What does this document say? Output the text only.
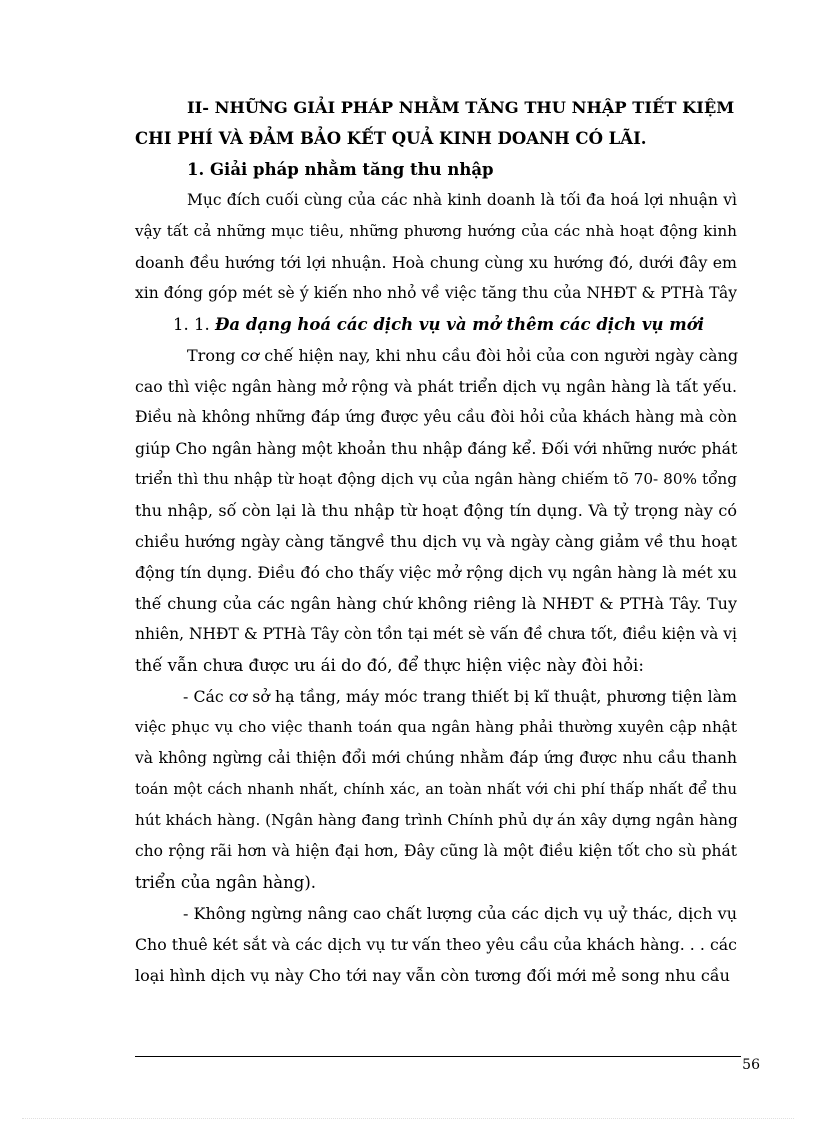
II- NHỮNG GIẢI PHÁP NHẰM TĂNG THU NHẬP TIẾT KIỆM
CHI PHÍ VÀ ĐẢM BẢO KẾT QUẢ KINH DOANH CÓ LÃI.
1. Giải pháp nhằm tăng thu nhập
Mục đích cuối cùng của các nhà kinh doanh là tối đa hoá lợi nhuận vì
vậy tất cả những mục tiêu, những phương hướng của các nhà hoạt động kinh
doanh đều hướng tới lợi nhuận. Hoà chung cùng xu hướng đó, dưới đây em
xin đóng góp mét sè ý kiến nho nhỏ về việc tăng thu của NHĐT & PTHà Tây
1. 1. Đa dạng hoá các dịch vụ và mở thêm các dịch vụ mới
Trong cơ chế hiện nay, khi nhu cầu đòi hỏi của con người ngày càng
cao thì việc ngân hàng mở rộng và phát triển dịch vụ ngân hàng là tất yếu.
Điều nà không những đáp ứng được yêu cầu đòi hỏi của khách hàng mà còn
giúp Cho ngân hàng một khoản thu nhập đáng kể. Đối với những nước phát
triển thì thu nhập từ hoạt động dịch vụ của ngân hàng chiếm tõ 70- 80% tổng
thu nhập, số còn lại là thu nhập từ hoạt động tín dụng. Và tỷ trọng này có
chiều hướng ngày càng tăngvề thu dịch vụ và ngày càng giảm về thu hoạt
động tín dụng. Điều đó cho thấy việc mở rộng dịch vụ ngân hàng là mét xu
thế chung của các ngân hàng chứ không riêng là NHĐT & PTHà Tây. Tuy
nhiên, NHĐT & PTHà Tây còn tồn tại mét sè vấn đề chưa tốt, điều kiện và vị
thế vẫn chưa được ưu ái do đó, để thực hiện việc này đòi hỏi:
- Các cơ sở hạ tầng, máy móc trang thiết bị kĩ thuật, phương tiện làm
việc phục vụ cho việc thanh toán qua ngân hàng phải thường xuyên cập nhật
và không ngừng cải thiện đổi mới chúng nhằm đáp ứng được nhu cầu thanh
toán một cách nhanh nhất, chính xác, an toàn nhất với chi phí thấp nhất để thu
hút khách hàng. (Ngân hàng đang trình Chính phủ dự án xây dựng ngân hàng
cho rộng rãi hơn và hiện đại hơn, Đây cũng là một điều kiện tốt cho sù phát
triển của ngân hàng).
- Không ngừng nâng cao chất lượng của các dịch vụ uỷ thác, dịch vụ
Cho thuê két sắt và các dịch vụ tư vấn theo yêu cầu của khách hàng. . . các
loại hình dịch vụ này Cho tới nay vẫn còn tương đối mới mẻ song nhu cầu
56
